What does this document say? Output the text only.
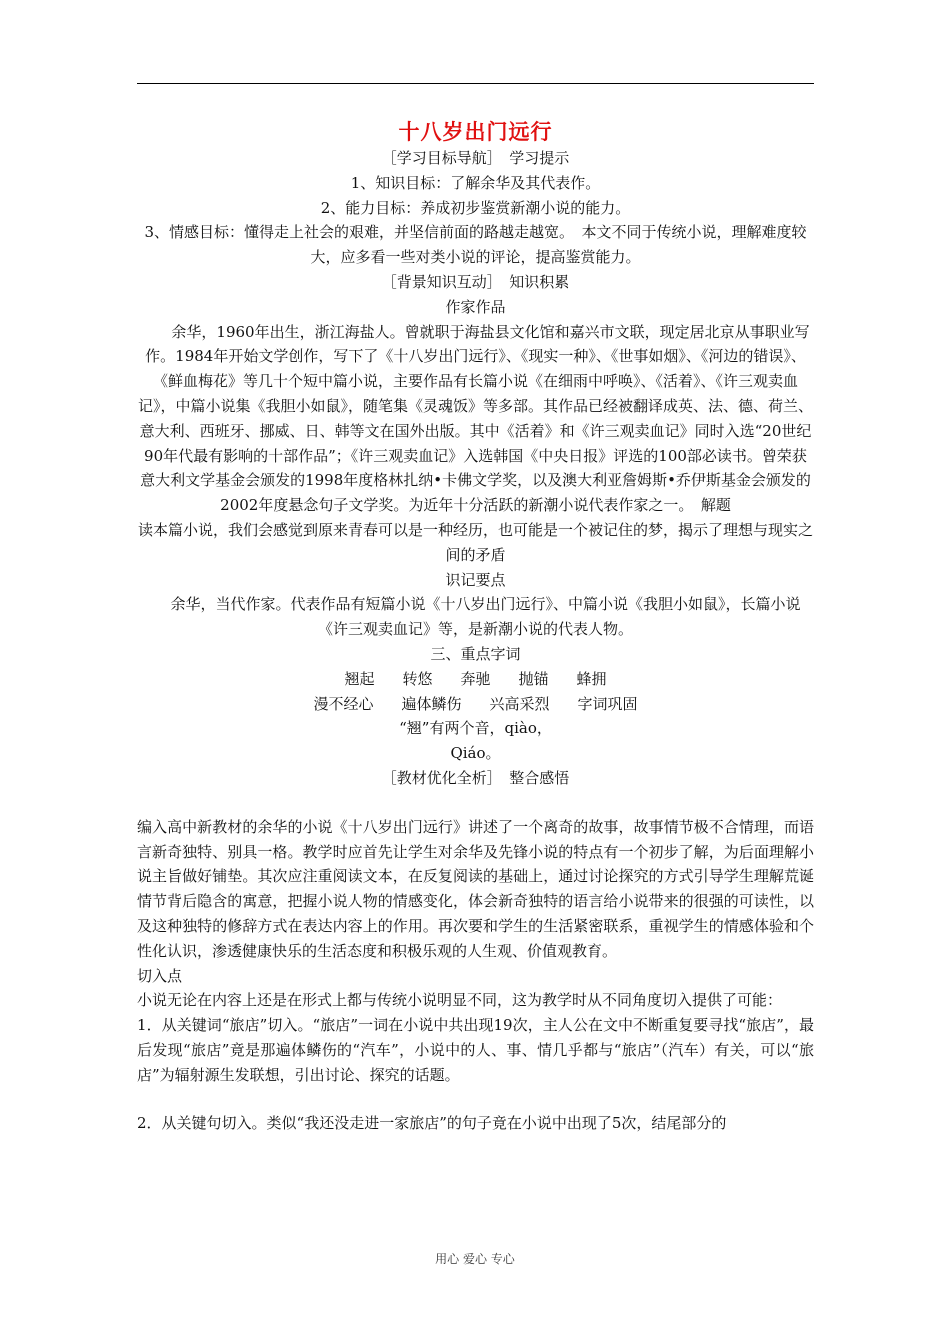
十八岁出门远行

［学习目标导航］　学习提示

1、知识目标：了解余华及其代表作。

2、能力目标：养成初步鉴赏新潮小说的能力。

3、情感目标：懂得走上社会的艰难，并坚信前面的路越走越宽。　本文不同于传统小说，理解难度较大，应多看一些对类小说的评论，提高鉴赏能力。

［背景知识互动］　知识积累

作家作品

余华，1960年出生，浙江海盐人。曾就职于海盐县文化馆和嘉兴市文联，现定居北京从事职业写作。1984年开始文学创作，写下了《十八岁出门远行》、《现实一种》、《世事如烟》、《河边的错误》、《鲜血梅花》等几十个短中篇小说，主要作品有长篇小说《在细雨中呼唤》、《活着》、《许三观卖血记》，中篇小说集《我胆小如鼠》，随笔集《灵魂饭》等多部。其作品已经被翻译成英、法、德、荷兰、意大利、西班牙、挪威、日、韩等文在国外出版。其中《活着》和《许三观卖血记》同时入选“20世纪90年代最有影响的十部作品”；《许三观卖血记》入选韩国《中央日报》评选的100部必读书。曾荣获意大利文学基金会颁发的1998年度格林扎纳•卡佛文学奖，以及澳大利亚詹姆斯•乔伊斯基金会颁发的2002年度悬念句子文学奖。为近年十分活跃的新潮小说代表作家之一。　解题

读本篇小说，我们会感觉到原来青春可以是一种经历，也可能是一个被记住的梦，揭示了理想与现实之间的矛盾

识记要点

余华，当代作家。代表作品有短篇小说《十八岁出门远行》、中篇小说《我胆小如鼠》，长篇小说《许三观卖血记》等，是新潮小说的代表人物。

三、重点字词

翘起 转悠 奔驰 抛锚 蜂拥

漫不经心 遍体鳞伤 兴高采烈 字词巩固

“翘”有两个音，qiào，

Qiáo。

［教材优化全析］　整合感悟

编入高中新教材的余华的小说《十八岁出门远行》讲述了一个离奇的故事，故事情节极不合情理，而语言新奇独特、别具一格。教学时应首先让学生对余华及先锋小说的特点有一个初步了解，为后面理解小说主旨做好铺垫。其次应注重阅读文本，在反复阅读的基础上，通过讨论探究的方式引导学生理解荒诞情节背后隐含的寓意，把握小说人物的情感变化，体会新奇独特的语言给小说带来的很强的可读性，以及这种独特的修辞方式在表达内容上的作用。再次要和学生的生活紧密联系，重视学生的情感体验和个性化认识，渗透健康快乐的生活态度和积极乐观的人生观、价值观教育。

切入点

小说无论在内容上还是在形式上都与传统小说明显不同，这为教学时从不同角度切入提供了可能：

1．从关键词“旅店”切入。“旅店”一词在小说中共出现19次，主人公在文中不断重复要寻找“旅店”，最后发现“旅店”竟是那遍体鳞伤的“汽车”，小说中的人、事、情几乎都与“旅店”（汽车）有关，可以“旅店”为辐射源生发联想，引出讨论、探究的话题。

2．从关键句切入。类似“我还没走进一家旅店”的句子竟在小说中出现了5次，结尾部分的

用心 爱心 专心
